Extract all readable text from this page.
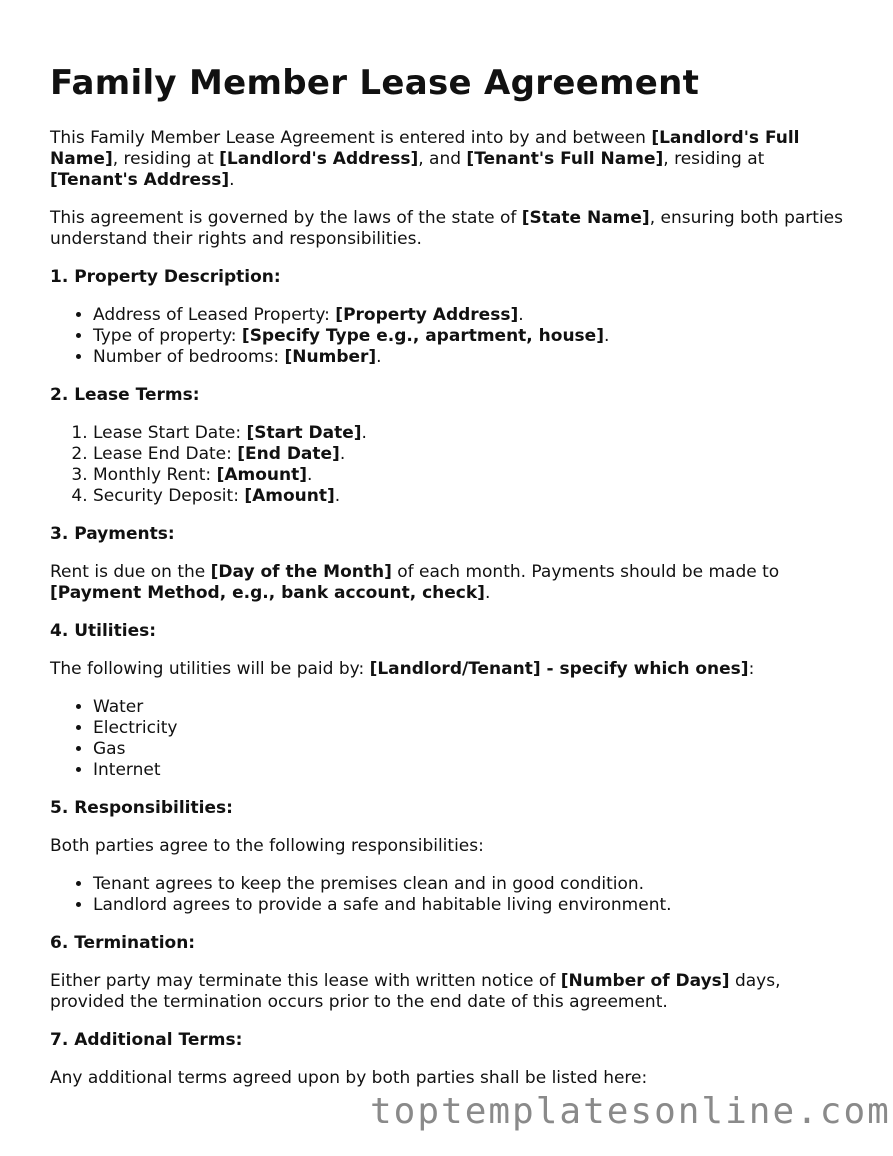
Family Member Lease Agreement

This Family Member Lease Agreement is entered into by and between [Landlord's Full Name], residing at [Landlord's Address], and [Tenant's Full Name], residing at [Tenant's Address].

This agreement is governed by the laws of the state of [State Name], ensuring both parties understand their rights and responsibilities.

1. Property Description:
• Address of Leased Property: [Property Address].
• Type of property: [Specify Type e.g., apartment, house].
• Number of bedrooms: [Number].
2. Lease Terms:
1. Lease Start Date: [Start Date].
2. Lease End Date: [End Date].
3. Monthly Rent: [Amount].
4. Security Deposit: [Amount].
3. Payments:

Rent is due on the [Day of the Month] of each month. Payments should be made to [Payment Method, e.g., bank account, check].

4. Utilities:

The following utilities will be paid by: [Landlord/Tenant] - specify which ones]:

• Water
• Electricity
• Gas
• Internet
5. Responsibilities:

Both parties agree to the following responsibilities:

• Tenant agrees to keep the premises clean and in good condition.
• Landlord agrees to provide a safe and habitable living environment.
6. Termination:

Either party may terminate this lease with written notice of [Number of Days] days, provided the termination occurs prior to the end date of this agreement.

7. Additional Terms:

Any additional terms agreed upon by both parties shall be listed here:

toptemplatesonline.com
